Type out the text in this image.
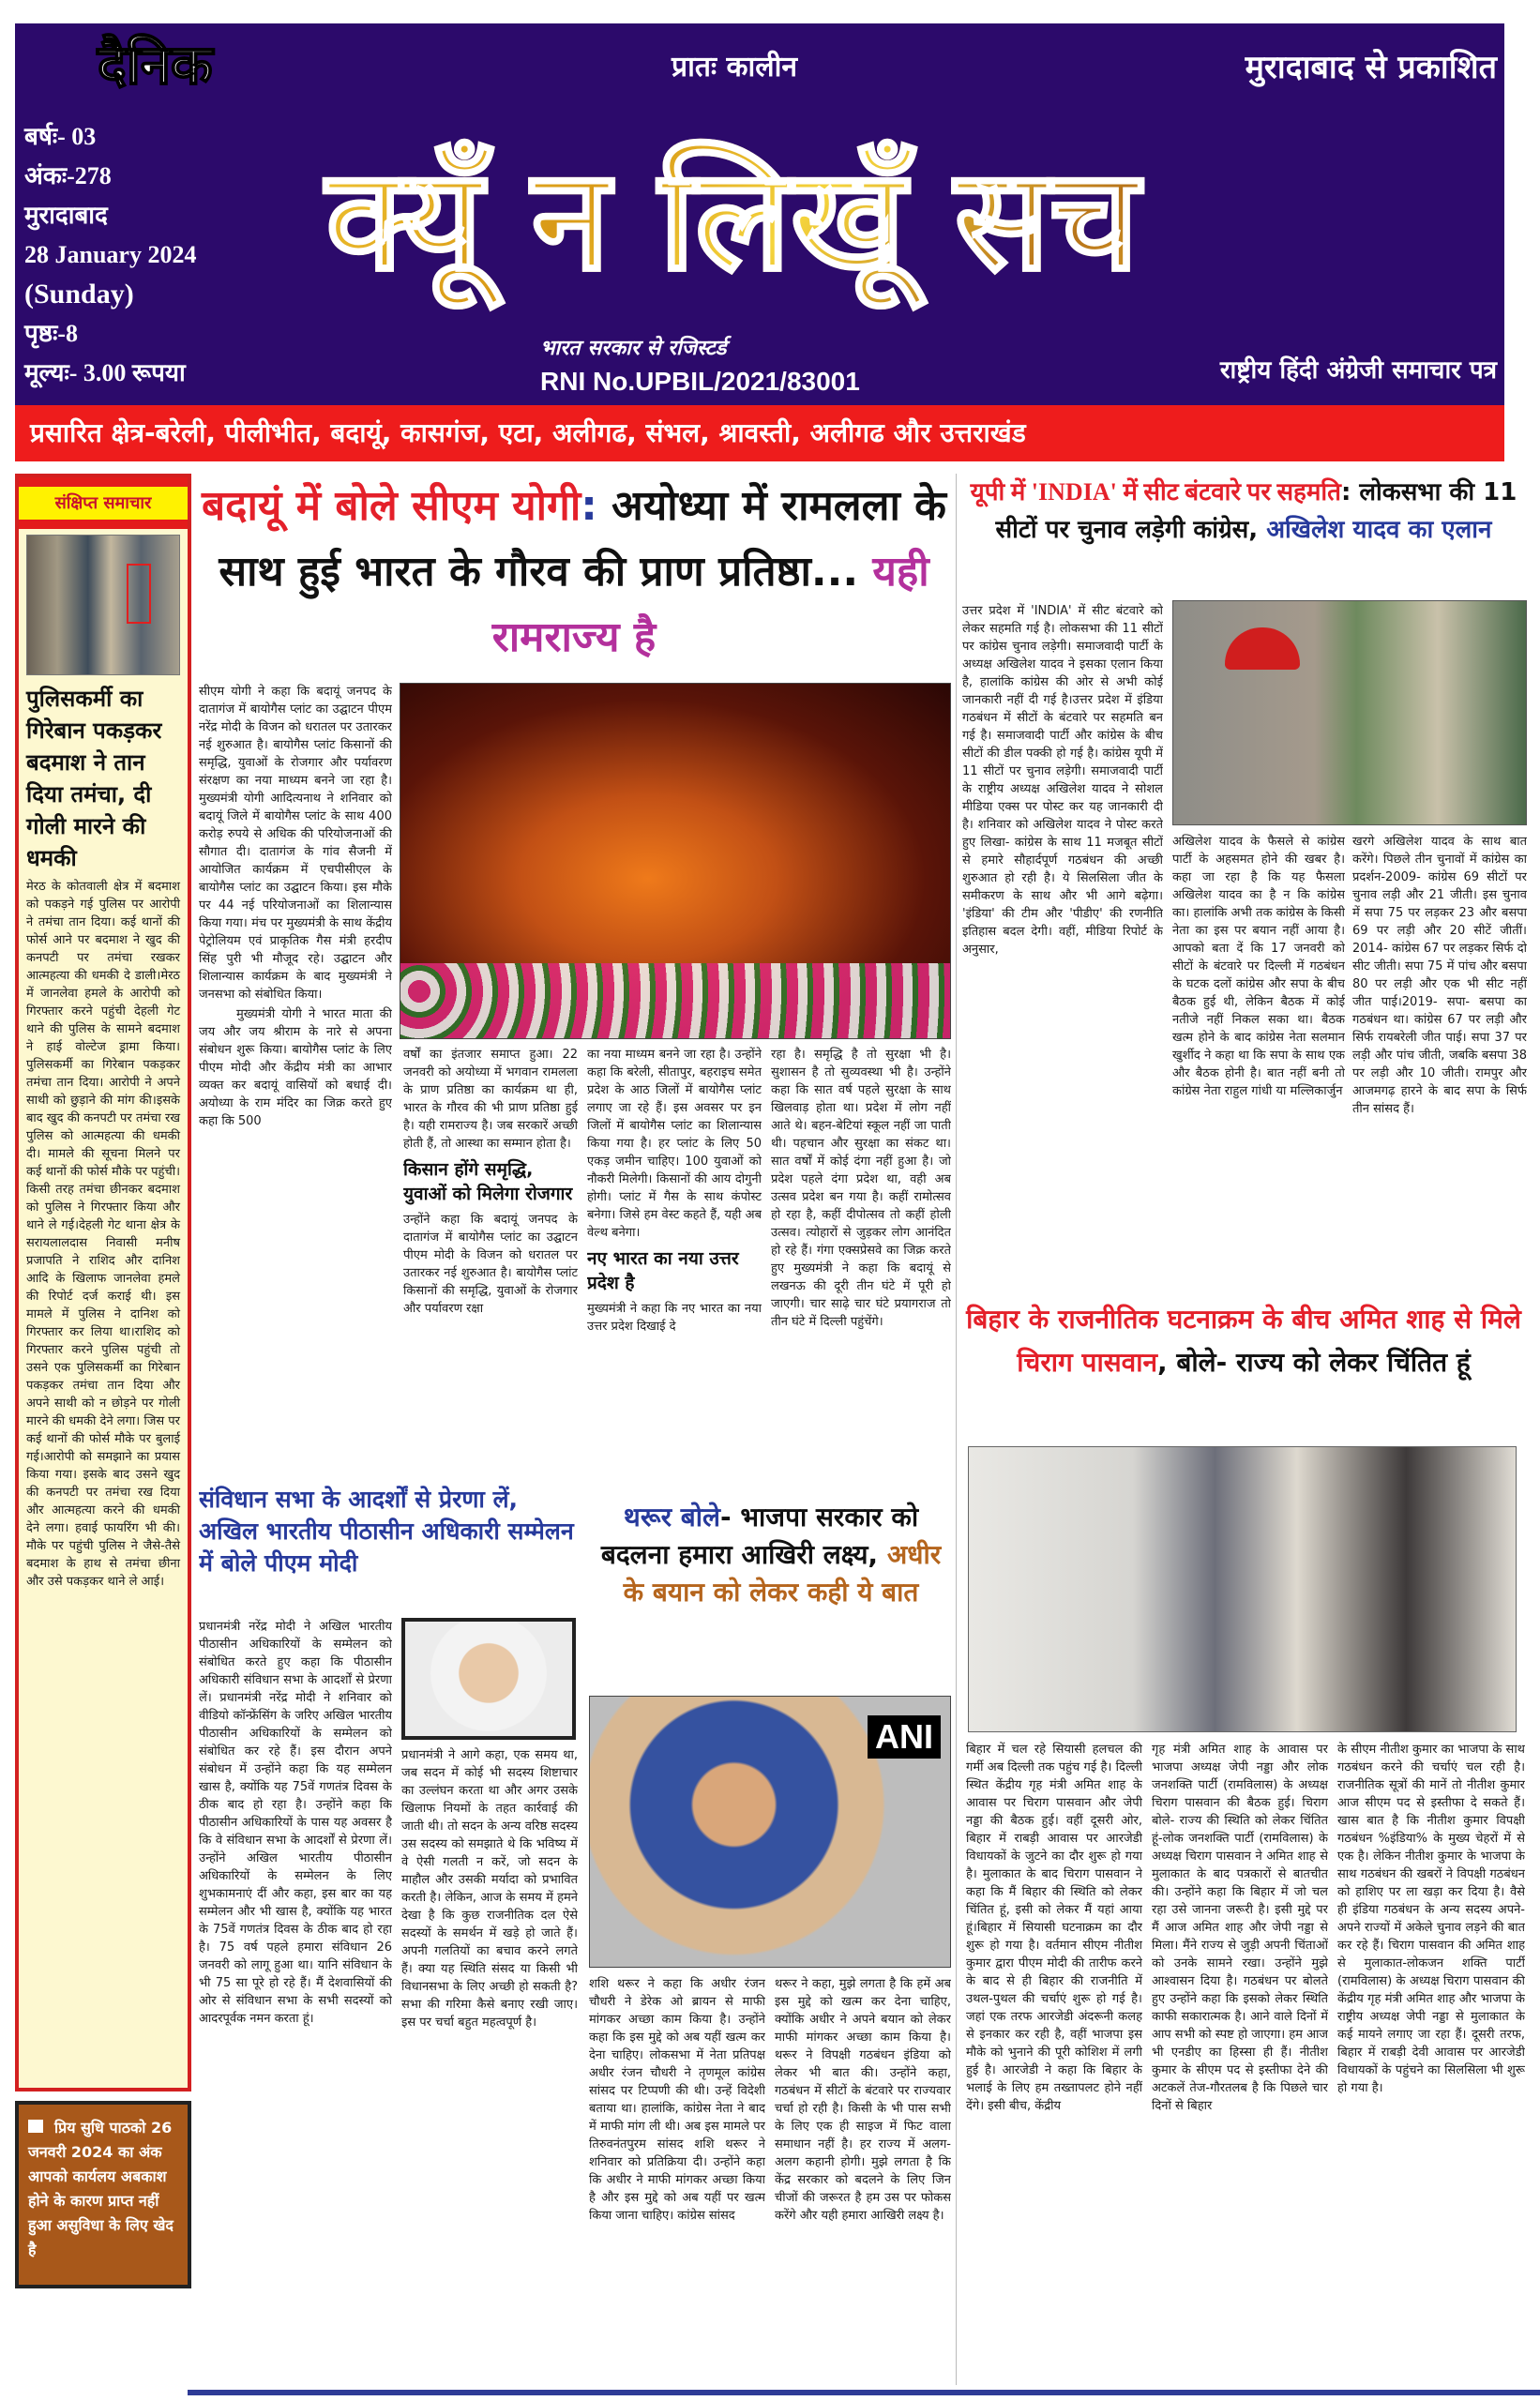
दैनिक
बर्षः- 03
अंकः-278
मुरादाबाद
28 January 2024
(Sunday)
पृष्ठः-8
मूल्यः- 3.00 रूपया
क्यूँ न लिखूँ सच
प्रातः कालीन	मुरादाबाद से प्रकाशित
भारत सरकार से रजिस्टर्ड
RNI No.UPBIL/2021/83001	राष्ट्रीय हिंदी अंग्रेजी समाचार पत्र
प्रसारित क्षेत्र-बरेली, पीलीभीत, बदायूं, कासगंज, एटा, अलीगढ, संभल, श्रावस्ती, अलीगढ और उत्तराखंड
संक्षिप्त समाचार
पुलिसकर्मी का गिरेबान पकड़कर बदमाश ने तान दिया तमंचा, दी गोली मारने की धमकी
मेरठ के कोतवाली क्षेत्र में बदमाश को पकड़ने गई पुलिस पर आरोपी ने तमंचा तान दिया। कई थानों की फोर्स आने पर बदमाश ने खुद की कनपटी पर तमंचा रखकर आत्महत्या की धमकी दे डाली।मेरठ में जानलेवा हमले के आरोपी को गिरफ्तार करने पहुंची देहली गेट थाने की पुलिस के सामने बदमाश ने हाई वोल्टेज ड्रामा किया। पुलिसकर्मी का गिरेबान पकड़कर तमंचा तान दिया। आरोपी ने अपने साथी को छुड़ाने की मांग की।इसके बाद खुद की कनपटी पर तमंचा रख पुलिस को आत्महत्या की धमकी दी। मामले की सूचना मिलने पर कई थानों की फोर्स मौके पर पहुंची। किसी तरह तमंचा छीनकर बदमाश को पुलिस ने गिरफ्तार किया और थाने ले गई।देहली गेट थाना क्षेत्र के सरायलालदास निवासी मनीष प्रजापति ने राशिद और दानिश आदि के खिलाफ जानलेवा हमले की रिपोर्ट दर्ज कराई थी। इस मामले में पुलिस ने दानिश को गिरफ्तार कर लिया था।राशिद को गिरफ्तार करने पुलिस पहुंची तो उसने एक पुलिसकर्मी का गिरेबान पकड़कर तमंचा तान दिया और अपने साथी को न छोड़ने पर गोली मारने की धमकी देने लगा। जिस पर कई थानों की फोर्स मौके पर बुलाई गई।आरोपी को समझाने का प्रयास किया गया। इसके बाद उसने खुद की कनपटी पर तमंचा रख दिया और आत्महत्या करने की धमकी देने लगा। हवाई फायरिंग भी की। मौके पर पहुंची पुलिस ने जैसे-तैसे बदमाश के हाथ से तमंचा छीना और उसे पकड़कर थाने ले आई।
प्रिय सुधि पाठको 26 जनवरी 2024 का अंक आपको कार्यलय अबकाश होने के कारण प्राप्त नहीं हुआ असुविधा के लिए खेद है
बदायूं में बोले सीएम योगी: अयोध्या में रामलला के साथ हुई भारत के गौरव की प्राण प्रतिष्ठा... यही रामराज्य है

सीएम योगी ने कहा कि बदायूं जनपद के दातागंज में बायोगैस प्लांट का उद्घाटन पीएम नरेंद्र मोदी के विजन को धरातल पर उतारकर नई शुरुआत है। बायोगैस प्लांट किसानों की समृद्धि, युवाओं के रोजगार और पर्यावरण संरक्षण का नया माध्यम बनने जा रहा है। मुख्यमंत्री योगी आदित्यनाथ ने शनिवार को बदायूं जिले में बायोगैस प्लांट के साथ 400 करोड़ रुपये से अधिक की परियोजनाओं की सौगात दी। दातागंज के गांव सैजनी में आयोजित कार्यक्रम में एचपीसीएल के बायोगैस प्लांट का उद्घाटन किया। इस मौके पर 44 नई परियोजनाओं का शिलान्यास किया गया। मंच पर मुख्यमंत्री के साथ केंद्रीय पेट्रोलियम एवं प्राकृतिक गैस मंत्री हरदीप सिंह पुरी भी मौजूद रहे। उद्घाटन और शिलान्यास कार्यक्रम के बाद मुख्यमंत्री ने जनसभा को संबोधित किया।

मुख्यमंत्री योगी ने भारत माता की जय और जय श्रीराम के नारे से अपना संबोधन शुरू किया। बायोगैस प्लांट के लिए पीएम मोदी और केंद्रीय मंत्री का आभार व्यक्त कर बदायूं वासियों को बधाई दी। अयोध्या के राम मंदिर का जिक्र करते हुए कहा कि 500

वर्षों का इंतजार समाप्त हुआ। 22 जनवरी को अयोध्या में भगवान रामलला के प्राण प्रतिष्ठा का कार्यक्रम था ही, भारत के गौरव की भी प्राण प्रतिष्ठा हुई है। यही रामराज्य है। जब सरकारें अच्छी होती हैं, तो आस्था का सम्मान होता है।

किसान होंगे समृद्धि, युवाओं को मिलेगा रोजगार

उन्होंने कहा कि बदायूं जनपद के दातागंज में बायोगैस प्लांट का उद्घाटन पीएम मोदी के विजन को धरातल पर उतारकर नई शुरुआत है। बायोगैस प्लांट किसानों की समृद्धि, युवाओं के रोजगार और पर्यावरण रक्षा

का नया माध्यम बनने जा रहा है। उन्होंने कहा कि बरेली, सीतापुर, बहराइच समेत प्रदेश के आठ जिलों में बायोगैस प्लांट लगाए जा रहे हैं। इस अवसर पर इन जिलों में बायोगैस प्लांट का शिलान्यास किया गया है। हर प्लांट के लिए 50 एकड़ जमीन चाहिए। 100 युवाओं को नौकरी मिलेगी। किसानों की आय दोगुनी होगी। प्लांट में गैस के साथ कंपोस्ट बनेगा। जिसे हम वेस्ट कहते हैं, यही अब वेल्थ बनेगा।

नए भारत का नया उत्तर प्रदेश है

मुख्यमंत्री ने कहा कि नए भारत का नया उत्तर प्रदेश दिखाई दे

रहा है। समृद्धि है तो सुरक्षा भी है। सुशासन है तो सुव्यवस्था भी है। उन्होंने कहा कि सात वर्ष पहले सुरक्षा के साथ खिलवाड़ होता था। प्रदेश में लोग नहीं आते थे। बहन-बेटियां स्कूल नहीं जा पाती थी। पहचान और सुरक्षा का संकट था। सात वर्षों में कोई दंगा नहीं हुआ है। जो प्रदेश पहले दंगा प्रदेश था, वही अब उत्सव प्रदेश बन गया है। कहीं रामोत्सव हो रहा है, कहीं दीपोत्सव तो कहीं होली उत्सव। त्योहारों से जुड़कर लोग आनंदित हो रहे हैं। गंगा एक्सप्रेसवे का जिक्र करते हुए मुख्यमंत्री ने कहा कि बदायूं से लखनऊ की दूरी तीन घंटे में पूरी हो जाएगी। चार साढ़े चार घंटे प्रयागराज तो तीन घंटे में दिल्ली पहुंचेंगे।

संविधान सभा के आदर्शों से प्रेरणा लें, अखिल भारतीय पीठासीन अधिकारी सम्मेलन में बोले पीएम मोदी

प्रधानमंत्री नरेंद्र मोदी ने अखिल भारतीय पीठासीन अधिकारियों के सम्मेलन को संबोधित करते हुए कहा कि पीठासीन अधिकारी संविधान सभा के आदर्शों से प्रेरणा लें। प्रधानमंत्री नरेंद्र मोदी ने शनिवार को वीडियो कॉन्फ्रेंसिंग के जरिए अखिल भारतीय पीठासीन अधिकारियों के सम्मेलन को संबोधित कर रहे हैं। इस दौरान अपने संबोधन में उन्होंने कहा कि यह सम्मेलन खास है, क्योंकि यह 75वें गणतंत्र दिवस के ठीक बाद हो रहा है। उन्होंने कहा कि पीठासीन अधिकारियों के पास यह अवसर है कि वे संविधान सभा के आदर्शों से प्रेरणा लें। उन्होंने अखिल भारतीय पीठासीन अधिकारियों के सम्मेलन के लिए शुभकामनाएं दीं और कहा, इस बार का यह सम्मेलन और भी खास है, क्योंकि यह भारत के 75वें गणतंत्र दिवस के ठीक बाद हो रहा है। 75 वर्ष पहले हमारा संविधान 26 जनवरी को लागू हुआ था। यानि संविधान के भी 75 सा पूरे हो रहे हैं। मैं देशवासियों की ओर से संविधान सभा के सभी सदस्यों को आदरपूर्वक नमन करता हूं।

प्रधानमंत्री ने आगे कहा, एक समय था, जब सदन में कोई भी सदस्य शिष्टाचार का उल्लंघन करता था और अगर उसके खिलाफ नियमों के तहत कार्रवाई की जाती थी। तो सदन के अन्य वरिष्ठ सदस्य उस सदस्य को समझाते थे कि भविष्य में वे ऐसी गलती न करें, जो सदन के माहौल और उसकी मर्यादा को प्रभावित करती है। लेकिन, आज के समय में हमने देखा है कि कुछ राजनीतिक दल ऐसे सदस्यों के समर्थन में खड़े हो जाते हैं। अपनी गलतियों का बचाव करने लगते हैं। क्या यह स्थिति संसद या किसी भी विधानसभा के लिए अच्छी हो सकती है? सभा की गरिमा कैसे बनाए रखी जाए। इस पर चर्चा बहुत महत्वपूर्ण है।

थरूर बोले- भाजपा सरकार को बदलना हमारा आखिरी लक्ष्य, अधीर के बयान को लेकर कही ये बात
ANI

शशि थरूर ने कहा कि अधीर रंजन चौधरी ने डेरेक ओ ब्रायन से माफी मांगकर अच्छा काम किया है। उन्होंने कहा कि इस मुद्दे को अब यहीं खत्म कर देना चाहिए। लोकसभा में नेता प्रतिपक्ष अधीर रंजन चौधरी ने तृणमूल कांग्रेस सांसद पर टिप्पणी की थी। उन्हें विदेशी बताया था। हालांकि, कांग्रेस नेता ने बाद में माफी मांग ली थी। अब इस मामले पर तिरुवनंतपुरम सांसद शशि थरूर ने शनिवार को प्रतिक्रिया दी। उन्होंने कहा कि अधीर ने माफी मांगकर अच्छा किया है और इस मुद्दे को अब यहीं पर खत्म किया जाना चाहिए। कांग्रेस सांसद

थरूर ने कहा, मुझे लगता है कि हमें अब इस मुद्दे को खत्म कर देना चाहिए, क्योंकि अधीर ने अपने बयान को लेकर माफी मांगकर अच्छा काम किया है। थरूर ने विपक्षी गठबंधन इंडिया को लेकर भी बात की। उन्होंने कहा, गठबंधन में सीटों के बंटवारे पर राज्यवार चर्चा हो रही है। किसी के भी पास सभी के लिए एक ही साइज में फिट वाला समाधान नहीं है। हर राज्य में अलग-अलग कहानी होगी। मुझे लगता है कि केंद्र सरकार को बदलने के लिए जिन चीजों की जरूरत है हम उस पर फोकस करेंगे और यही हमारा आखिरी लक्ष्य है।

यूपी में 'INDIA' में सीट बंटवारे पर सहमति: लोकसभा की 11 सीटों पर चुनाव लड़ेगी कांग्रेस, अखिलेश यादव का एलान

उत्तर प्रदेश में 'INDIA' में सीट बंटवारे को लेकर सहमति गई है। लोकसभा की 11 सीटों पर कांग्रेस चुनाव लड़ेगी। समाजवादी पार्टी के अध्यक्ष अखिलेश यादव ने इसका एलान किया है, हालांकि कांग्रेस की ओर से अभी कोई जानकारी नहीं दी गई है।उत्तर प्रदेश में इंडिया गठबंधन में सीटों के बंटवारे पर सहमति बन गई है। समाजवादी पार्टी और कांग्रेस के बीच सीटों की डील पक्की हो गई है। कांग्रेस यूपी में 11 सीटों पर चुनाव लड़ेगी। समाजवादी पार्टी के राष्ट्रीय अध्यक्ष अखिलेश यादव ने सोशल मीडिया एक्स पर पोस्ट कर यह जानकारी दी है। शनिवार को अखिलेश यादव ने पोस्ट करते हुए लिखा- कांग्रेस के साथ 11 मजबूत सीटों से हमारे सौहार्दपूर्ण गठबंधन की अच्छी शुरुआत हो रही है। ये सिलसिला जीत के समीकरण के साथ और भी आगे बढ़ेगा। 'इंडिया' की टीम और 'पीडीए' की रणनीति इतिहास बदल देगी। वहीं, मीडिया रिपोर्ट के अनुसार,

अखिलेश यादव के फैसले से कांग्रेस पार्टी के अहसमत होने की खबर है। कहा जा रहा है कि यह फैसला अखिलेश यादव का है न कि कांग्रेस का। हालांकि अभी तक कांग्रेस के किसी नेता का इस पर बयान नहीं आया है। आपको बता दें कि 17 जनवरी को सीटों के बंटवारे पर दिल्ली में गठबंधन के घटक दलों कांग्रेस और सपा के बीच बैठक हुई थी, लेकिन बैठक में कोई नतीजे नहीं निकल सका था। बैठक खत्म होने के बाद कांग्रेस नेता सलमान खुर्शीद ने कहा था कि सपा के साथ एक और बैठक होनी है। बात नहीं बनी तो कांग्रेस नेता राहुल गांधी या मल्लिकार्जुन

खरगे अखिलेश यादव के साथ बात करेंगे। पिछले तीन चुनावों में कांग्रेस का प्रदर्शन-2009- कांग्रेस 69 सीटों पर चुनाव लड़ी और 21 जीती। इस चुनाव में सपा 75 पर लड़कर 23 और बसपा 69 पर लड़ी और 20 सीटें जीतीं। 2014- कांग्रेस 67 पर लड़कर सिर्फ दो सीट जीती। सपा 75 में पांच और बसपा 80 पर लड़ी और एक भी सीट नहीं जीत पाई।2019- सपा- बसपा का गठबंधन था। कांग्रेस 67 पर लड़ी और सिर्फ रायबरेली जीत पाई। सपा 37 पर लड़ी और पांच जीती, जबकि बसपा 38 पर लड़ी और 10 जीती। रामपुर और आजमगढ़ हारने के बाद सपा के सिर्फ तीन सांसद हैं।

बिहार के राजनीतिक घटनाक्रम के बीच अमित शाह से मिले चिराग पासवान, बोले- राज्य को लेकर चिंतित हूं

बिहार में चल रहे सियासी हलचल की गर्मी अब दिल्ली तक पहुंच गई है। दिल्ली स्थित केंद्रीय गृह मंत्री अमित शाह के आवास पर चिराग पासवान और जेपी नड्डा की बैठक हुई। वहीं दूसरी ओर, बिहार में राबड़ी आवास पर आरजेडी विधायकों के जुटने का दौर शुरू हो गया है। मुलाकात के बाद चिराग पासवान ने कहा कि मैं बिहार की स्थिति को लेकर चिंतित हूं, इसी को लेकर मैं यहां आया हूं।बिहार में सियासी घटनाक्रम का दौर शुरू हो गया है। वर्तमान सीएम नीतीश कुमार द्वारा पीएम मोदी की तारीफ करने के बाद से ही बिहार की राजनीति में उथल-पुथल की चर्चाएं शुरू हो गई है। जहां एक तरफ आरजेडी अंदरूनी कलह से इनकार कर रही है, वहीं भाजपा इस मौके को भुनाने की पूरी कोशिश में लगी हुई है। आरजेडी ने कहा कि बिहार के भलाई के लिए हम तख्तापलट होने नहीं देंगे। इसी बीच, केंद्रीय

गृह मंत्री अमित शाह के आवास पर भाजपा अध्यक्ष जेपी नड्डा और लोक जनशक्ति पार्टी (रामविलास) के अध्यक्ष चिराग पासवान की बैठक हुई। चिराग बोले- राज्य की स्थिति को लेकर चिंतित हूं-लोक जनशक्ति पार्टी (रामविलास) के अध्यक्ष चिराग पासवान ने अमित शाह से मुलाकात के बाद पत्रकारों से बातचीत की। उन्होंने कहा कि बिहार में जो चल रहा उसे जानना जरूरी है। इसी मुद्दे पर मैं आज अमित शाह और जेपी नड्डा से मिला। मैंने राज्य से जुड़ी अपनी चिंताओं को उनके सामने रखा। उन्होंने मुझे आश्वासन दिया है। गठबंधन पर बोलते हुए उन्होंने कहा कि इसको लेकर स्थिति काफी सकारात्मक है। आने वाले दिनों में आप सभी को स्पष्ट हो जाएगा। हम आज भी एनडीए का हिस्सा ही हैं। नीतीश कुमार के सीएम पद से इस्तीफा देने की अटकलें तेज-गौरतलब है कि पिछले चार दिनों से बिहार

के सीएम नीतीश कुमार का भाजपा के साथ गठबंधन करने की चर्चाएं चल रही है। राजनीतिक सूत्रों की मानें तो नीतीश कुमार आज सीएम पद से इस्तीफा दे सकते हैं। खास बात है कि नीतीश कुमार विपक्षी गठबंधन %इंडिया% के मुख्य चेहरों में से एक है। लेकिन नीतीश कुमार के भाजपा के साथ गठबंधन की खबरों ने विपक्षी गठबंधन को हाशिए पर ला खड़ा कर दिया है। वैसे ही इंडिया गठबंधन के अन्य सदस्य अपने-अपने राज्यों में अकेले चुनाव लड़ने की बात कर रहे हैं। चिराग पासवान की अमित शाह से मुलाकात-लोकजन शक्ति पार्टी (रामविलास) के अध्यक्ष चिराग पासवान की केंद्रीय गृह मंत्री अमित शाह और भाजपा के राष्ट्रीय अध्यक्ष जेपी नड्डा से मुलाकात के कई मायने लगाए जा रहा हैं। दूसरी तरफ, बिहार में राबड़ी देवी आवास पर आरजेडी विधायकों के पहुंचने का सिलसिला भी शुरू हो गया है।
